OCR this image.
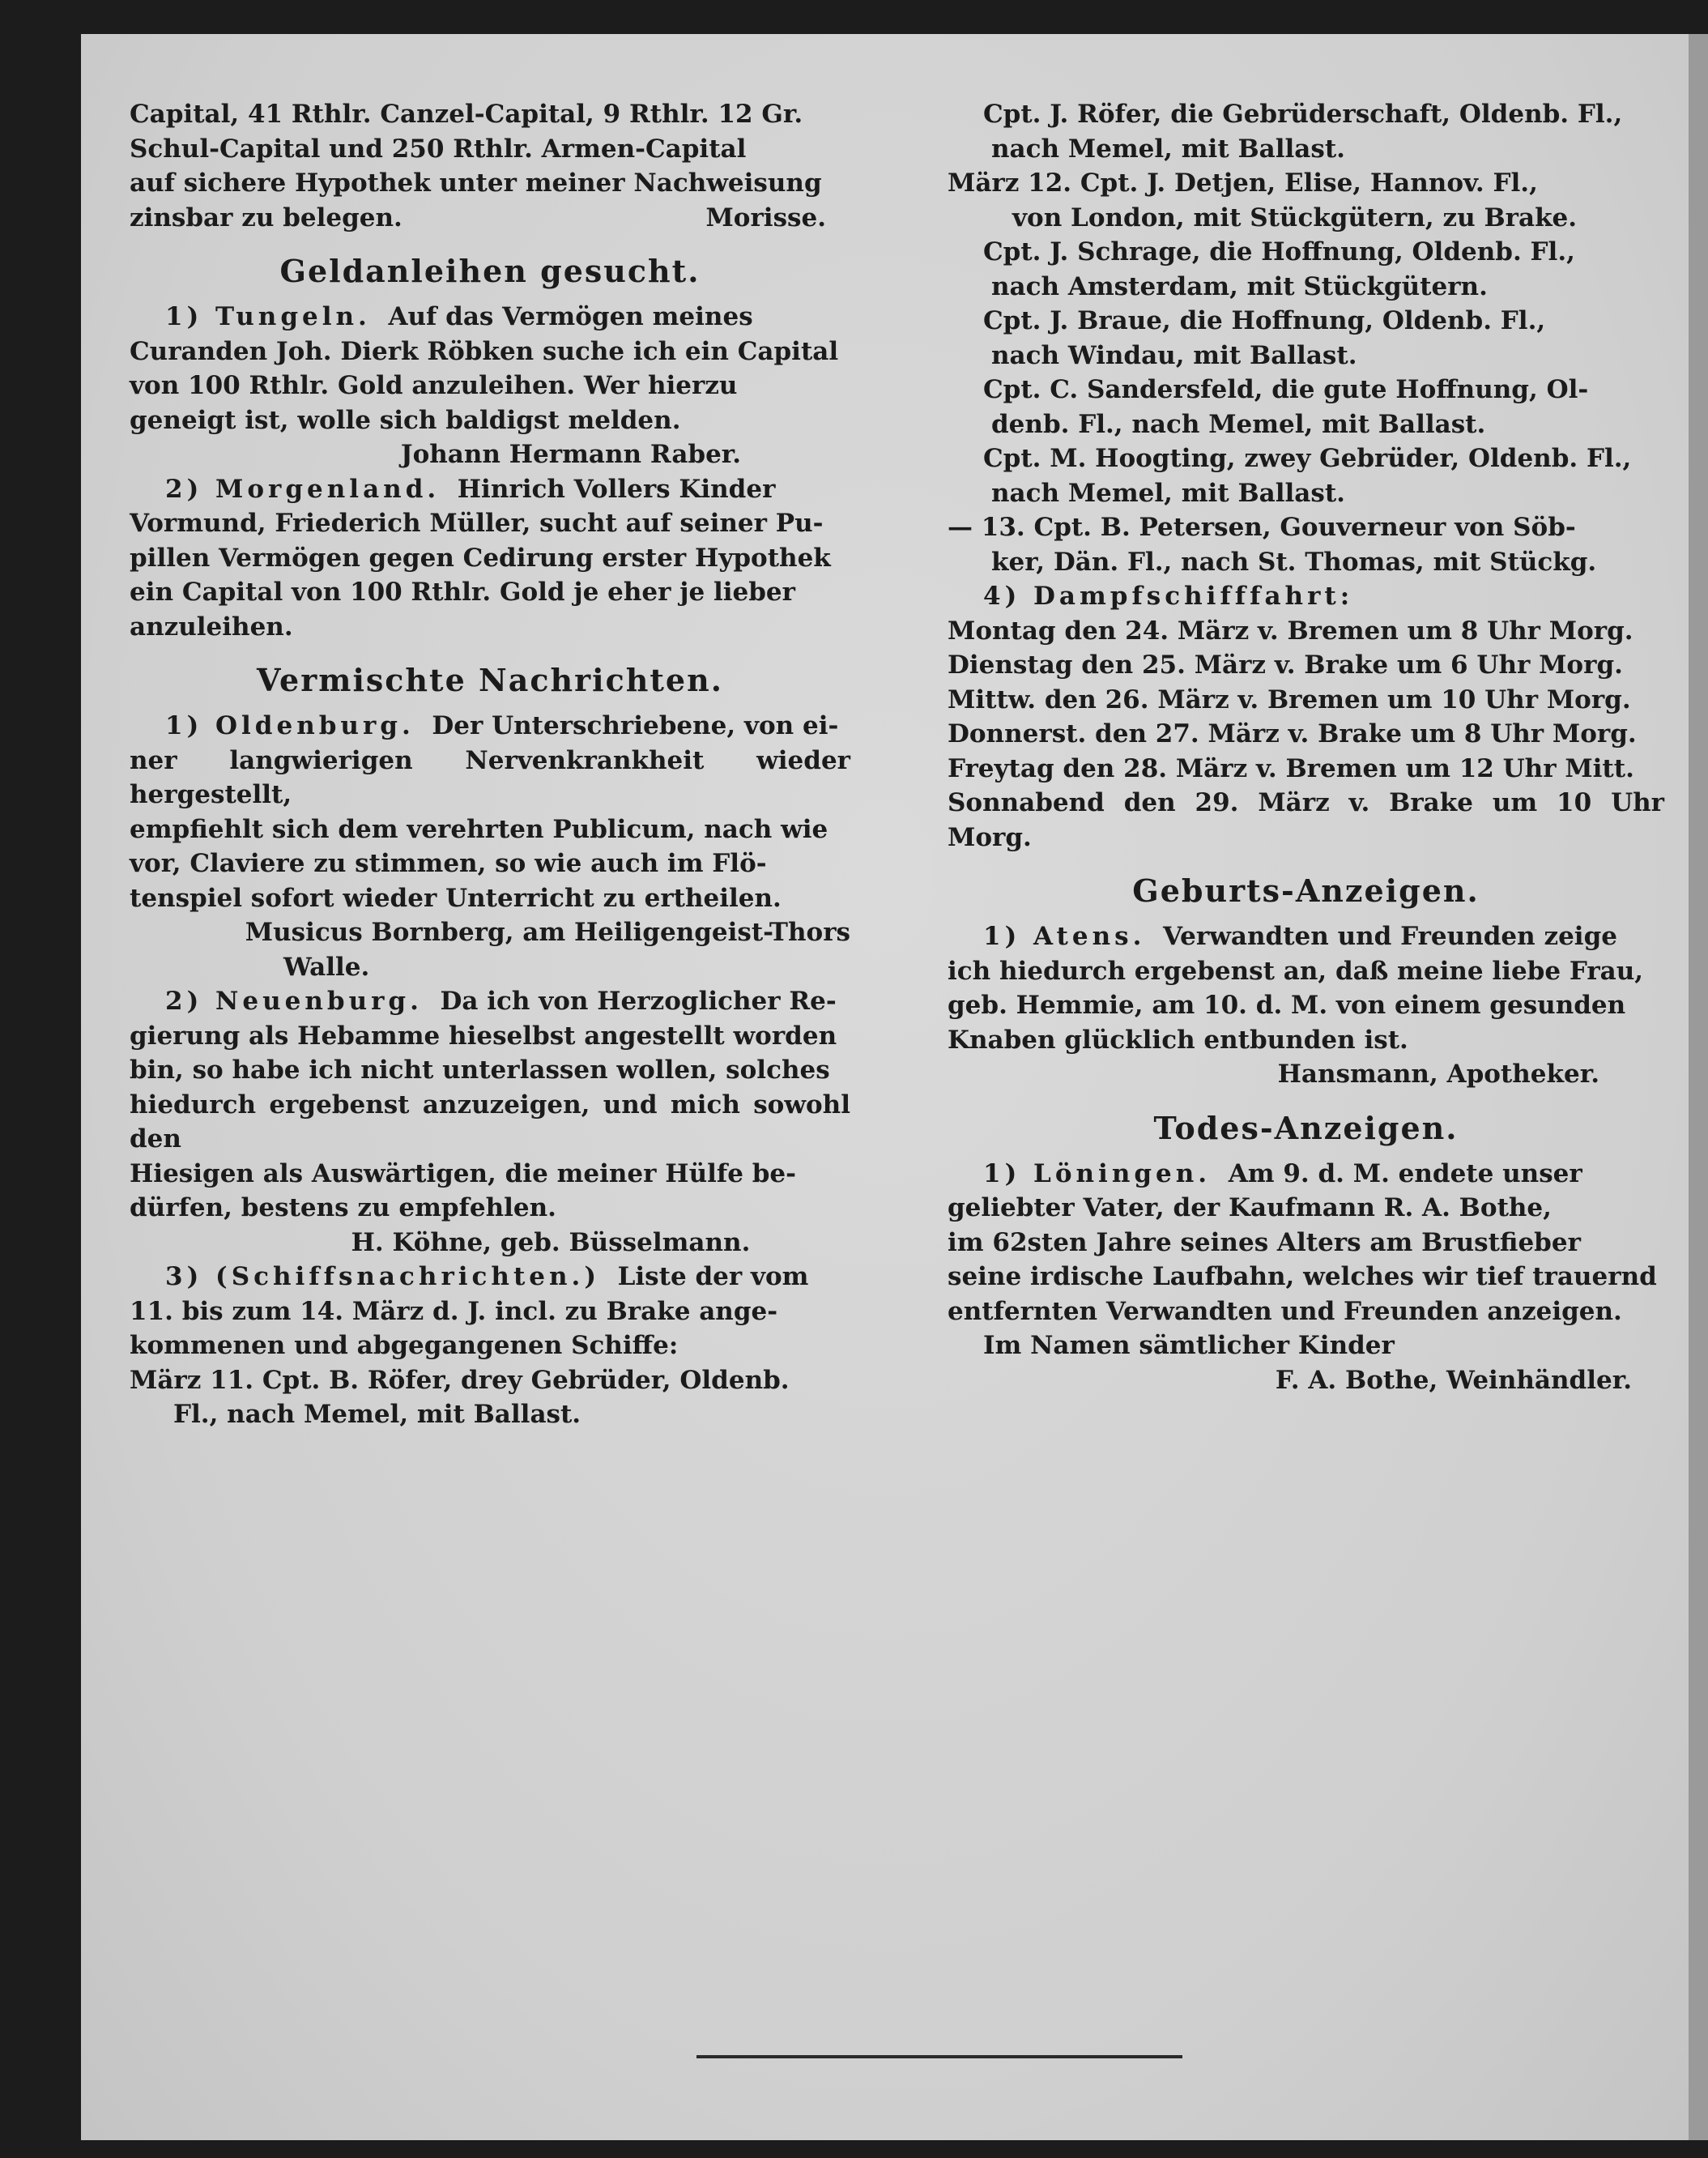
Capital, 41 Rthlr. Canzel-Capital, 9 Rthlr. 12 Gr.

Schul-Capital und 250 Rthlr. Armen-Capital

auf sichere Hypothek unter meiner Nachweisung

zinsbar zu belegen.	Morisse.

Geldanleihen gesucht.

1) Tungeln. Auf das Vermögen meines

Curanden Joh. Dierk Röbken suche ich ein Capital

von 100 Rthlr. Gold anzuleihen. Wer hierzu

geneigt ist, wolle sich baldigst melden.

Johann Hermann Raber.

2) Morgenland. Hinrich Vollers Kinder

Vormund, Friederich Müller, sucht auf seiner Pu-

pillen Vermögen gegen Cedirung erster Hypothek

ein Capital von 100 Rthlr. Gold je eher je lieber

anzuleihen.

Vermischte Nachrichten.

1) Oldenburg. Der Unterschriebene, von ei-

ner langwierigen Nervenkrankheit wieder hergestellt,

empfiehlt sich dem verehrten Publicum, nach wie

vor, Claviere zu stimmen, so wie auch im Flö-

tenspiel sofort wieder Unterricht zu ertheilen.

Musicus Bornberg, am Heiligengeist-Thors

Walle.

2) Neuenburg. Da ich von Herzoglicher Re-

gierung als Hebamme hieselbst angestellt worden

bin, so habe ich nicht unterlassen wollen, solches

hiedurch ergebenst anzuzeigen, und mich sowohl den

Hiesigen als Auswärtigen, die meiner Hülfe be-

dürfen, bestens zu empfehlen.

H. Köhne, geb. Büsselmann.

3) (Schiffsnachrichten.) Liste der vom

11. bis zum 14. März d. J. incl. zu Brake ange-

kommenen und abgegangenen Schiffe:

März 11. Cpt. B. Röfer, drey Gebrüder, Oldenb.

Fl., nach Memel, mit Ballast.

Cpt. J. Röfer, die Gebrüderschaft, Oldenb. Fl.,

nach Memel, mit Ballast.

März 12. Cpt. J. Detjen, Elise, Hannov. Fl.,

von London, mit Stückgütern, zu Brake.

Cpt. J. Schrage, die Hoffnung, Oldenb. Fl.,

nach Amsterdam, mit Stückgütern.

Cpt. J. Braue, die Hoffnung, Oldenb. Fl.,

nach Windau, mit Ballast.

Cpt. C. Sandersfeld, die gute Hoffnung, Ol-

denb. Fl., nach Memel, mit Ballast.

Cpt. M. Hoogting, zwey Gebrüder, Oldenb. Fl.,

nach Memel, mit Ballast.

— 13. Cpt. B. Petersen, Gouverneur von Söb-

ker, Dän. Fl., nach St. Thomas, mit Stückg.

4) Dampfschifffahrt:

Montag den 24. März v. Bremen um 8 Uhr Morg.

Dienstag den 25. März v. Brake um 6 Uhr Morg.

Mittw. den 26. März v. Bremen um 10 Uhr Morg.

Donnerst. den 27. März v. Brake um 8 Uhr Morg.

Freytag den 28. März v. Bremen um 12 Uhr Mitt.

Sonnabend den 29. März v. Brake um 10 Uhr Morg.

Geburts-Anzeigen.

1) Atens. Verwandten und Freunden zeige

ich hiedurch ergebenst an, daß meine liebe Frau,

geb. Hemmie, am 10. d. M. von einem gesunden

Knaben glücklich entbunden ist.

Hansmann, Apotheker.

Todes-Anzeigen.

1) Löningen. Am 9. d. M. endete unser

geliebter Vater, der Kaufmann R. A. Bothe,

im 62sten Jahre seines Alters am Brustfieber

seine irdische Laufbahn, welches wir tief trauernd

entfernten Verwandten und Freunden anzeigen.

Im Namen sämtlicher Kinder

F. A. Bothe, Weinhändler.
